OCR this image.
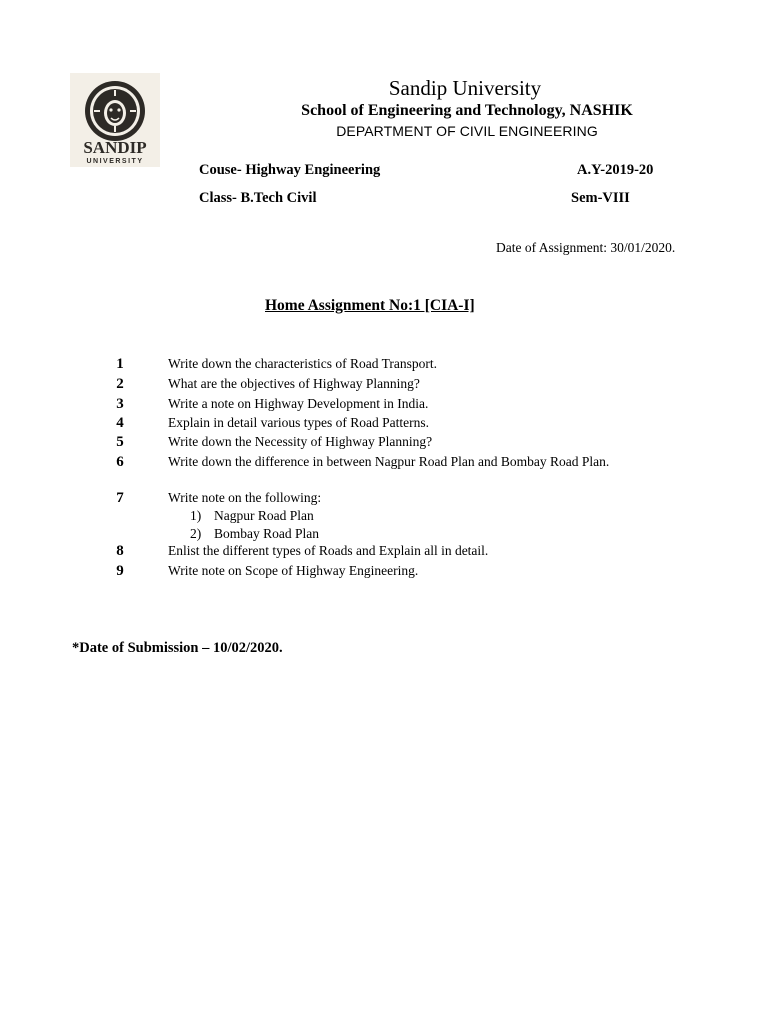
SANDIP
UNIVERSITY
Sandip University
School of Engineering and Technology, NASHIK
DEPARTMENT OF CIVIL ENGINEERING
Couse- Highway Engineering	A.Y-2019-20
Class- B.Tech Civil	Sem-VIII
Date of Assignment: 30/01/2020.
Home Assignment No:1 [CIA-I]
1	Write down the characteristics of Road Transport.
2	What are the objectives of Highway Planning?
3	Write a note on Highway Development in India.
4	Explain in detail various types of Road Patterns.
5	Write down the Necessity of Highway Planning?
6	Write down the difference in between Nagpur Road Plan and Bombay Road Plan.
7	Write note on the following:
1) Nagpur Road Plan
2) Bombay Road Plan
8	Enlist the different types of Roads and Explain all in detail.
9	Write note on Scope of Highway Engineering.
*Date of Submission – 10/02/2020.
